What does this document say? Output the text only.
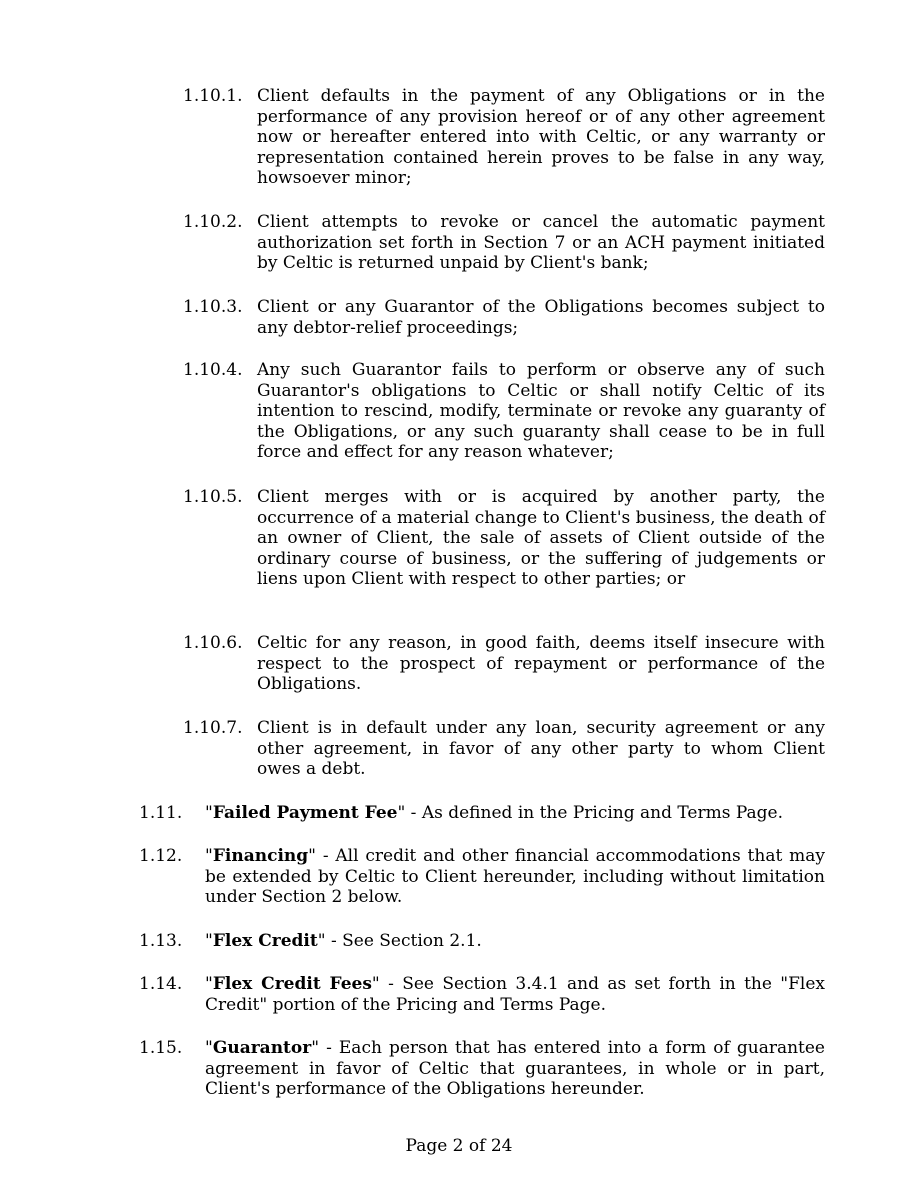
1.10.1. Client defaults in the payment of any Obligations or in the performance of any provision hereof or of any other agreement now or hereafter entered into with Celtic, or any warranty or representation contained herein proves to be false in any way, howsoever minor;
1.10.2. Client attempts to revoke or cancel the automatic payment authorization set forth in Section 7 or an ACH payment initiated by Celtic is returned unpaid by Client's bank;
1.10.3. Client or any Guarantor of the Obligations becomes subject to any debtor-relief proceedings;
1.10.4. Any such Guarantor fails to perform or observe any of such Guarantor's obligations to Celtic or shall notify Celtic of its intention to rescind, modify, terminate or revoke any guaranty of the Obligations, or any such guaranty shall cease to be in full force and effect for any reason whatever;
1.10.5. Client merges with or is acquired by another party, the occurrence of a material change to Client's business, the death of an owner of Client, the sale of assets of Client outside of the ordinary course of business, or the suffering of judgements or liens upon Client with respect to other parties; or
1.10.6. Celtic for any reason, in good faith, deems itself insecure with respect to the prospect of repayment or performance of the Obligations.
1.10.7. Client is in default under any loan, security agreement or any other agreement, in favor of any other party to whom Client owes a debt.
1.11.	"Failed Payment Fee" - As defined in the Pricing and Terms Page.
1.12.	"Financing" - All credit and other financial accommodations that may be extended by Celtic to Client hereunder, including without limitation under Section 2 below.
1.13.	"Flex Credit" - See Section 2.1.
1.14.	"Flex Credit Fees" - See Section 3.4.1 and as set forth in the "Flex Credit" portion of the Pricing and Terms Page.
1.15.	"Guarantor" - Each person that has entered into a form of guarantee agreement in favor of Celtic that guarantees, in whole or in part, Client's performance of the Obligations hereunder.
Page 2 of 24
